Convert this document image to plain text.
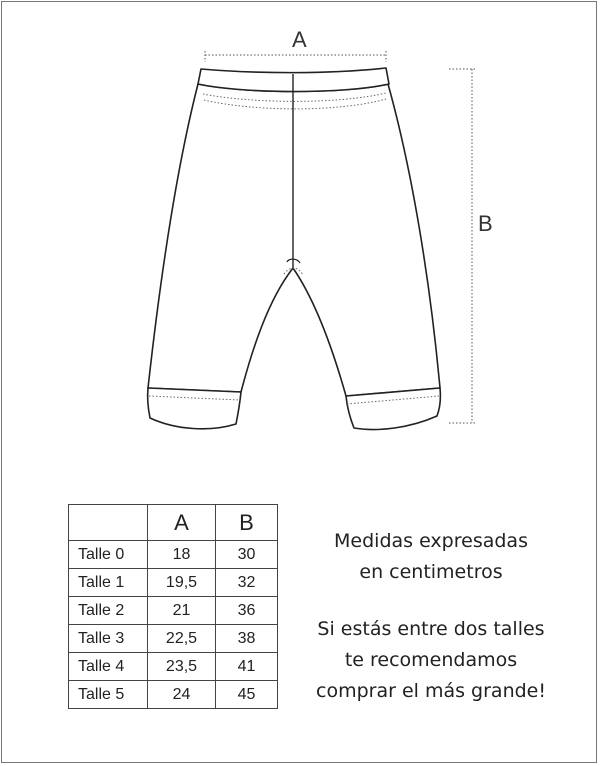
A
B
	A	B
Talle 0	18	30
Talle 1	19,5	32
Talle 2	21	36
Talle 3	22,5	38
Talle 4	23,5	41
Talle 5	24	45
Medidas expresadas
en centimetros
Si estás entre dos talles
te recomendamos
comprar el más grande!
